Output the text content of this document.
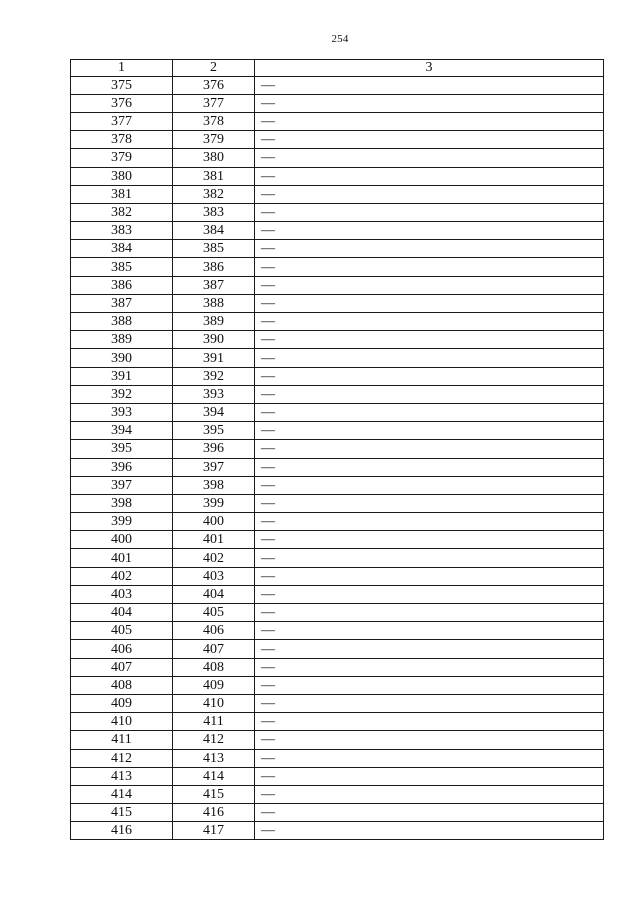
254
1	2	3
375	376	—
376	377	—
377	378	—
378	379	—
379	380	—
380	381	—
381	382	—
382	383	—
383	384	—
384	385	—
385	386	—
386	387	—
387	388	—
388	389	—
389	390	—
390	391	—
391	392	—
392	393	—
393	394	—
394	395	—
395	396	—
396	397	—
397	398	—
398	399	—
399	400	—
400	401	—
401	402	—
402	403	—
403	404	—
404	405	—
405	406	—
406	407	—
407	408	—
408	409	—
409	410	—
410	411	—
411	412	—
412	413	—
413	414	—
414	415	—
415	416	—
416	417	—
